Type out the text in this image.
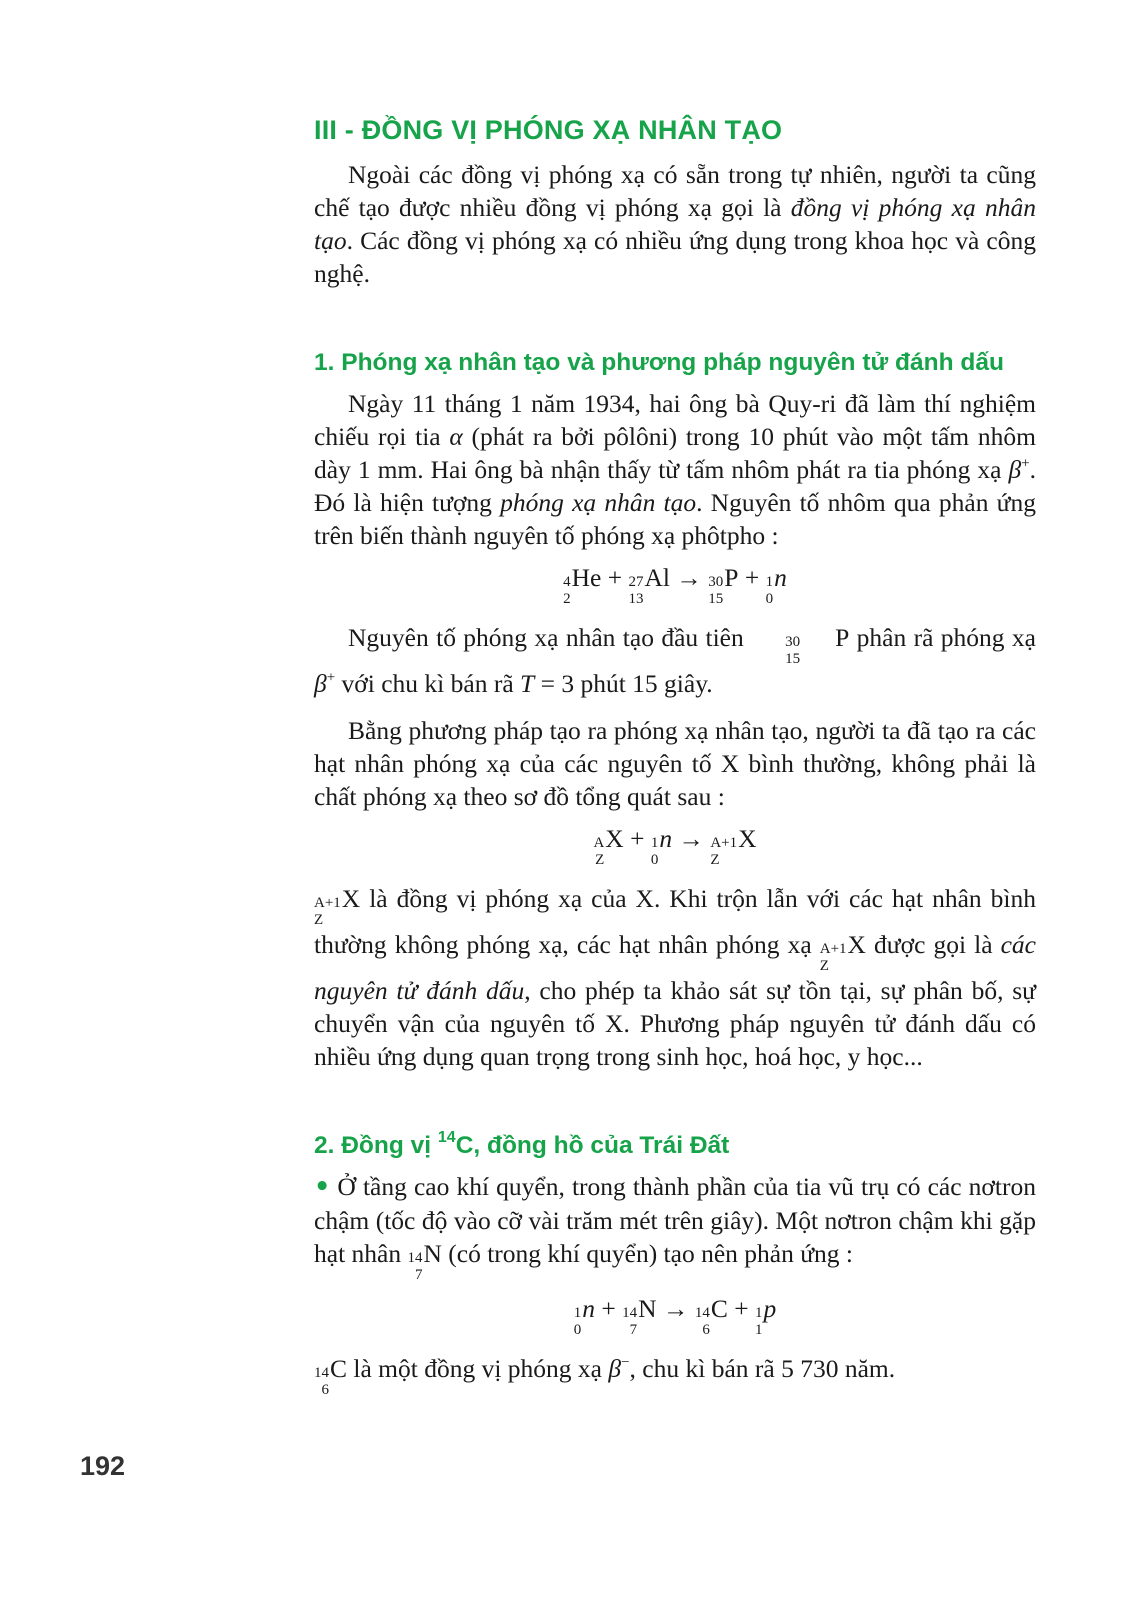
III - ĐỒNG VỊ PHÓNG XẠ NHÂN TẠO

Ngoài các đồng vị phóng xạ có sẵn trong tự nhiên, người ta cũng chế tạo được nhiều đồng vị phóng xạ gọi là đồng vị phóng xạ nhân tạo. Các đồng vị phóng xạ có nhiều ứng dụng trong khoa học và công nghệ.

1. Phóng xạ nhân tạo và phương pháp nguyên tử đánh dấu

Ngày 11 tháng 1 năm 1934, hai ông bà Quy-ri đã làm thí nghiệm chiếu rọi tia α (phát ra bởi pôlôni) trong 10 phút vào một tấm nhôm dày 1 mm. Hai ông bà nhận thấy từ tấm nhôm phát ra tia phóng xạ β+. Đó là hiện tượng phóng xạ nhân tạo. Nguyên tố nhôm qua phản ứng trên biến thành nguyên tố phóng xạ phôtpho :

4
2
He + 27
13
Al → 30
15
P + 1
0
n

Nguyên tố phóng xạ nhân tạo đầu tiên	30
15
P phân rã phóng xạ β+ với chu kì bán rã T = 3 phút 15 giây.

Bằng phương pháp tạo ra phóng xạ nhân tạo, người ta đã tạo ra các hạt nhân phóng xạ của các nguyên tố X bình thường, không phải là chất phóng xạ theo sơ đồ tổng quát sau :

A
Z
X + 1
0
n → A+1
Z
X

A+1
Z
X là đồng vị phóng xạ của X. Khi trộn lẫn với các hạt nhân bình thường không phóng xạ, các hạt nhân phóng xạ A+1
Z
X được gọi là các nguyên tử đánh dấu, cho phép ta khảo sát sự tồn tại, sự phân bố, sự chuyển vận của nguyên tố X. Phương pháp nguyên tử đánh dấu có nhiều ứng dụng quan trọng trong sinh học, hoá học, y học...

2. Đồng vị $^{14}$C, đồng hồ của Trái Đất

• Ở tầng cao khí quyển, trong thành phần của tia vũ trụ có các nơtron chậm (tốc độ vào cỡ vài trăm mét trên giây). Một nơtron chậm khi gặp hạt nhân 14
7
N (có trong khí quyển) tạo nên phản ứng :

1
0
n + 14
7
N → 14
6
C + 1
1
p

14
6
C là một đồng vị phóng xạ β−, chu kì bán rã 5 730 năm.

192
